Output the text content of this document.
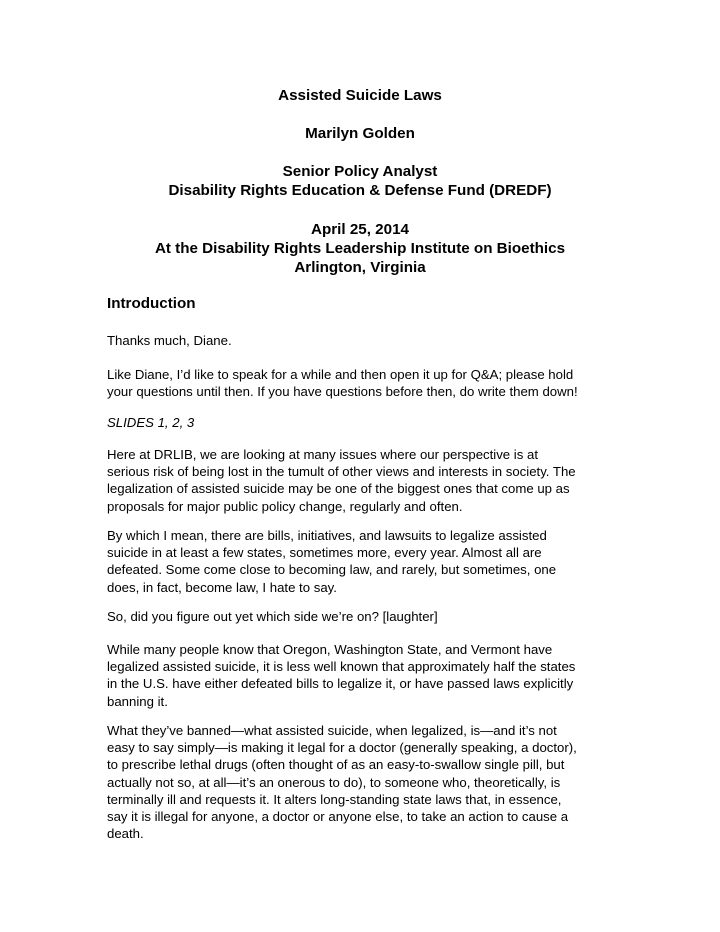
Assisted Suicide Laws
Marilyn Golden
Senior Policy Analyst
Disability Rights Education & Defense Fund (DREDF)
April 25, 2014
At the Disability Rights Leadership Institute on Bioethics
Arlington, Virginia
Introduction
Thanks much, Diane.
Like Diane, I’d like to speak for a while and then open it up for Q&A; please hold
your questions until then. If you have questions before then, do write them down!
SLIDES 1, 2, 3
Here at DRLIB, we are looking at many issues where our perspective is at
serious risk of being lost in the tumult of other views and interests in society. The
legalization of assisted suicide may be one of the biggest ones that come up as
proposals for major public policy change, regularly and often.
By which I mean, there are bills, initiatives, and lawsuits to legalize assisted
suicide in at least a few states, sometimes more, every year. Almost all are
defeated. Some come close to becoming law, and rarely, but sometimes, one
does, in fact, become law, I hate to say.
So, did you figure out yet which side we’re on? [laughter]
While many people know that Oregon, Washington State, and Vermont have
legalized assisted suicide, it is less well known that approximately half the states
in the U.S. have either defeated bills to legalize it, or have passed laws explicitly
banning it.
What they’ve banned—what assisted suicide, when legalized, is—and it’s not
easy to say simply—is making it legal for a doctor (generally speaking, a doctor),
to prescribe lethal drugs (often thought of as an easy-to-swallow single pill, but
actually not so, at all—it’s an onerous to do), to someone who, theoretically, is
terminally ill and requests it. It alters long-standing state laws that, in essence,
say it is illegal for anyone, a doctor or anyone else, to take an action to cause a
death.
